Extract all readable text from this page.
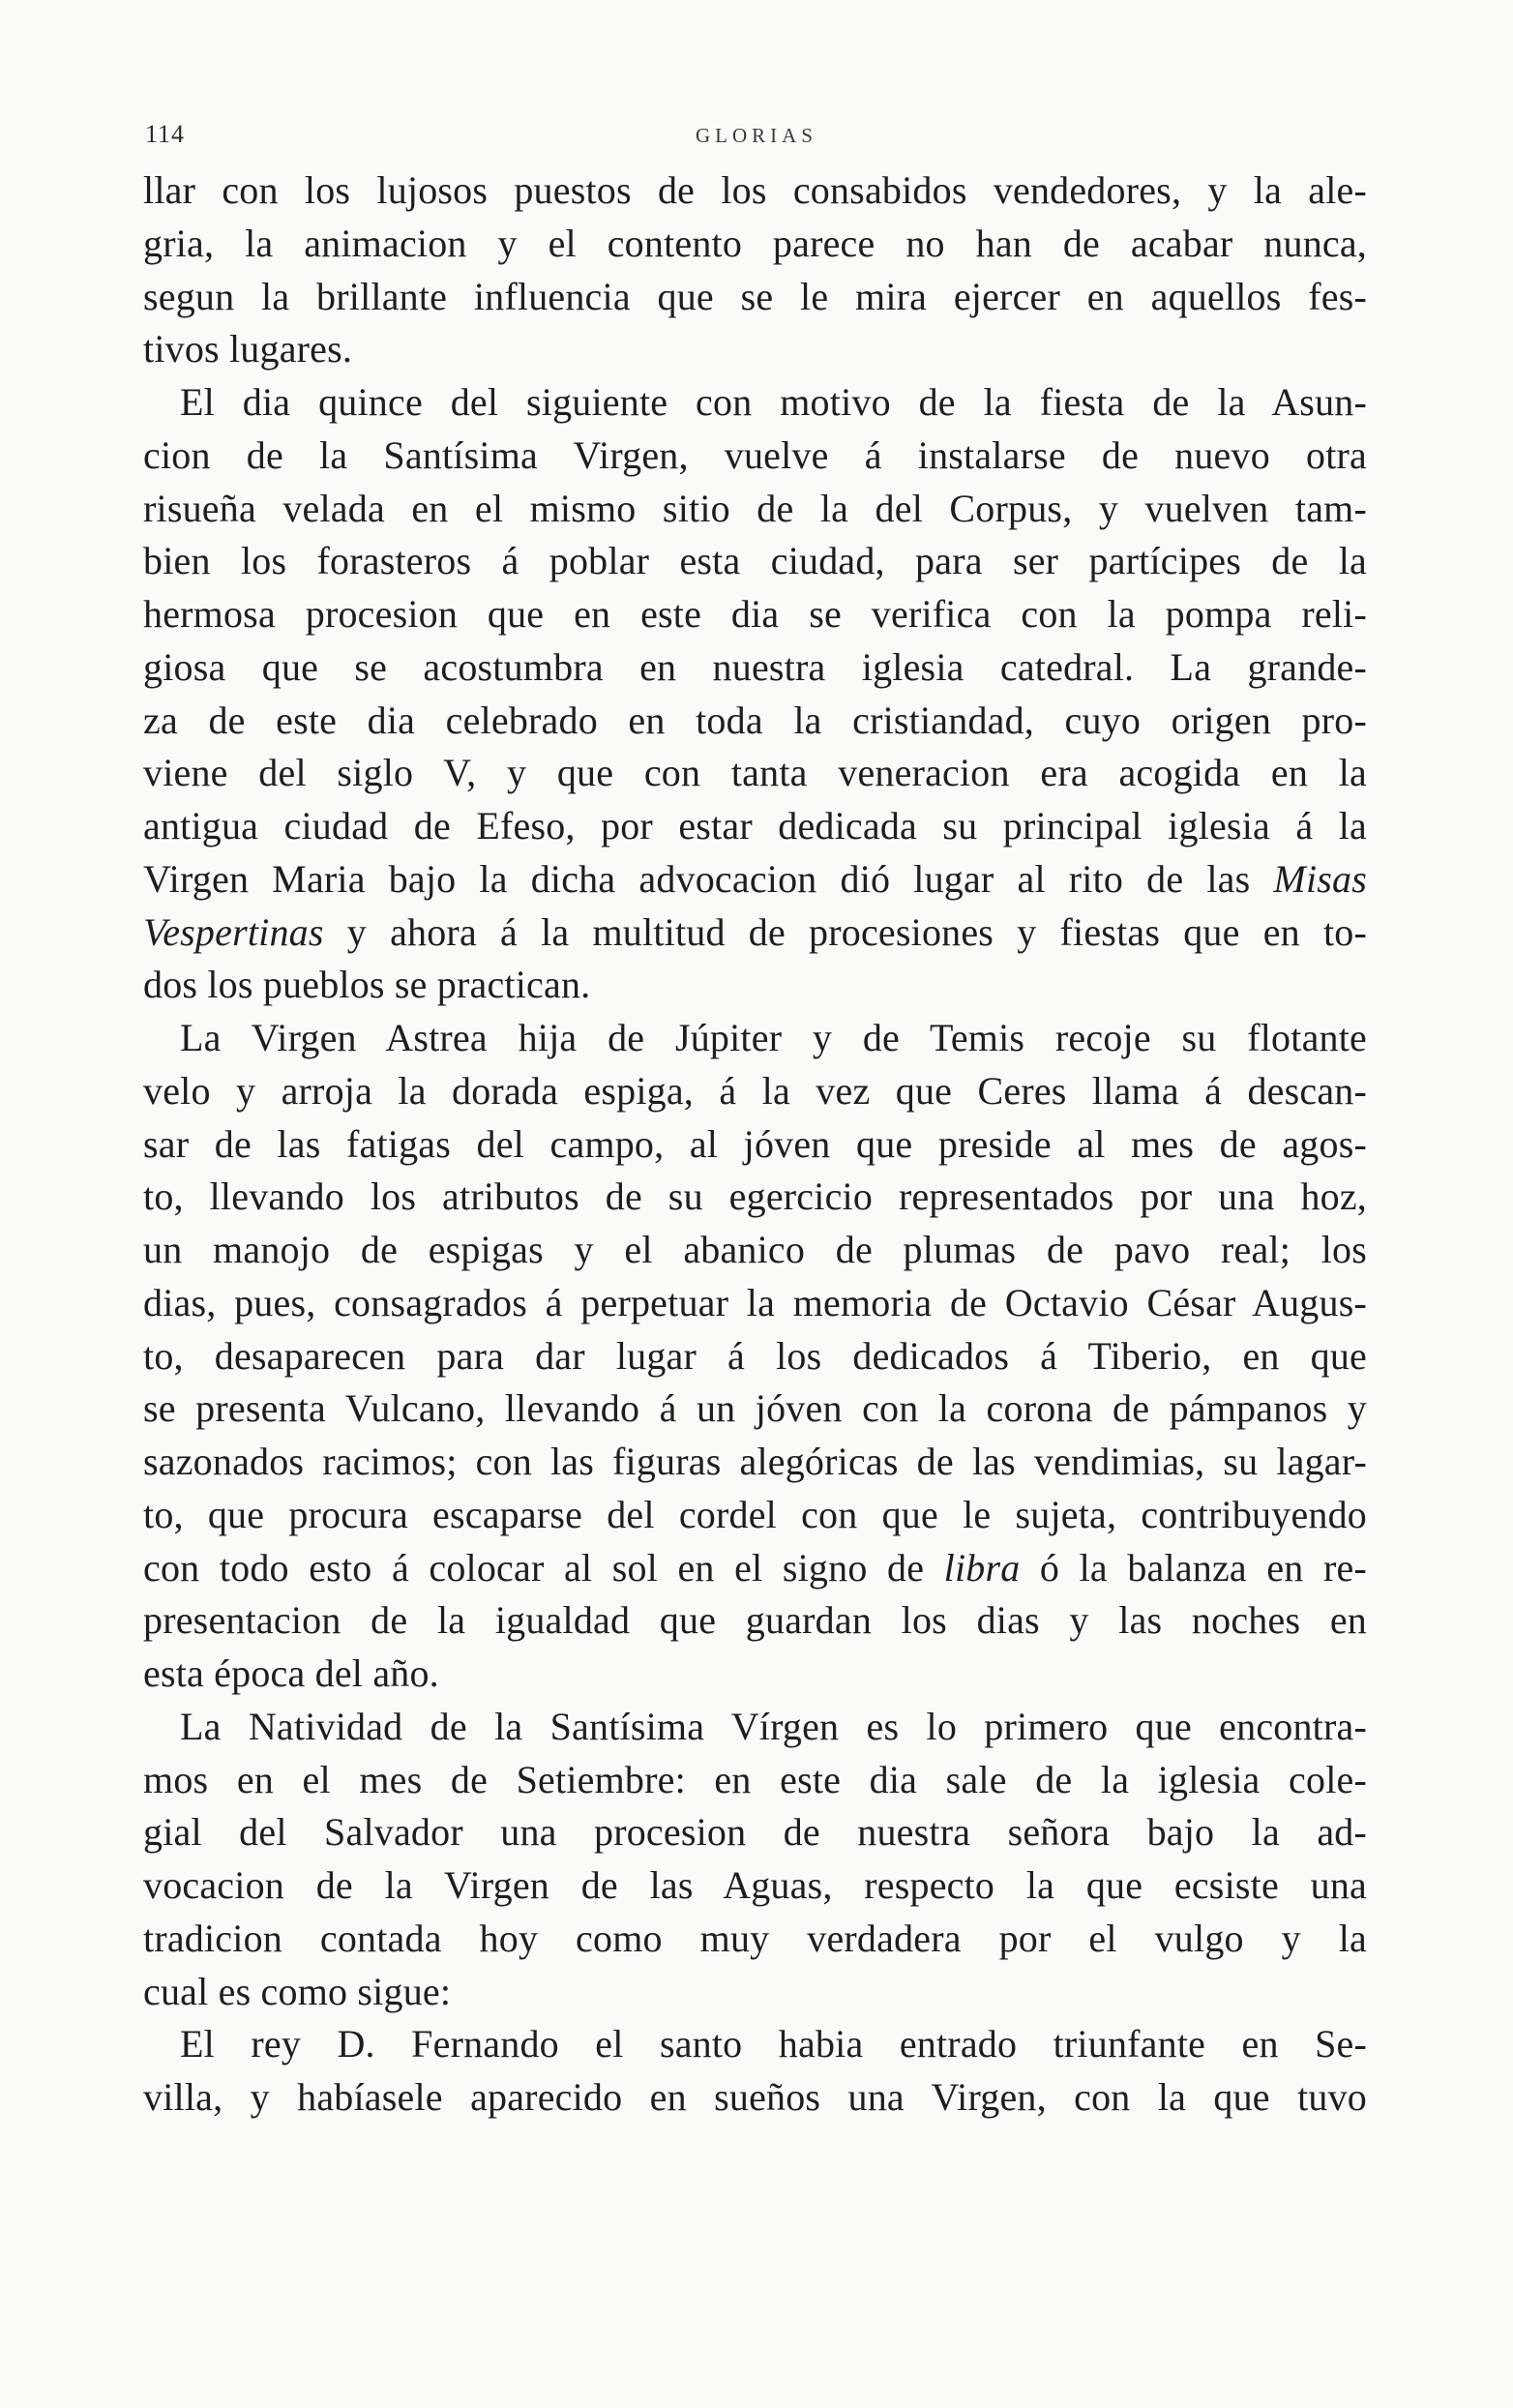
114	GLORIAS
llar con los lujosos puestos de los consabidos vendedores, y la ale-
gria, la animacion y el contento parece no han de acabar nunca,
segun la brillante influencia que se le mira ejercer en aquellos fes-
tivos lugares.
El dia quince del siguiente con motivo de la fiesta de la Asun-
cion de la Santísima Virgen, vuelve á instalarse de nuevo otra
risueña velada en el mismo sitio de la del Corpus, y vuelven tam-
bien los forasteros á poblar esta ciudad, para ser partícipes de la
hermosa procesion que en este dia se verifica con la pompa reli-
giosa que se acostumbra en nuestra iglesia catedral. La grande-
za de este dia celebrado en toda la cristiandad, cuyo origen pro-
viene del siglo V, y que con tanta veneracion era acogida en la
antigua ciudad de Efeso, por estar dedicada su principal iglesia á la
Virgen Maria bajo la dicha advocacion dió lugar al rito de las Misas
Vespertinas y ahora á la multitud de procesiones y fiestas que en to-
dos los pueblos se practican.
La Virgen Astrea hija de Júpiter y de Temis recoje su flotante
velo y arroja la dorada espiga, á la vez que Ceres llama á descan-
sar de las fatigas del campo, al jóven que preside al mes de agos-
to, llevando los atributos de su egercicio representados por una hoz,
un manojo de espigas y el abanico de plumas de pavo real; los
dias, pues, consagrados á perpetuar la memoria de Octavio César Augus-
to, desaparecen para dar lugar á los dedicados á Tiberio, en que
se presenta Vulcano, llevando á un jóven con la corona de pámpanos y
sazonados racimos; con las figuras alegóricas de las vendimias, su lagar-
to, que procura escaparse del cordel con que le sujeta, contribuyendo
con todo esto á colocar al sol en el signo de libra ó la balanza en re-
presentacion de la igualdad que guardan los dias y las noches en
esta época del año.
La Natividad de la Santísima Vírgen es lo primero que encontra-
mos en el mes de Setiembre: en este dia sale de la iglesia cole-
gial del Salvador una procesion de nuestra señora bajo la ad-
vocacion de la Virgen de las Aguas, respecto la que ecsiste una
tradicion contada hoy como muy verdadera por el vulgo y la
cual es como sigue:
El rey D. Fernando el santo habia entrado triunfante en Se-
villa, y habíasele aparecido en sueños una Virgen, con la que tuvo
